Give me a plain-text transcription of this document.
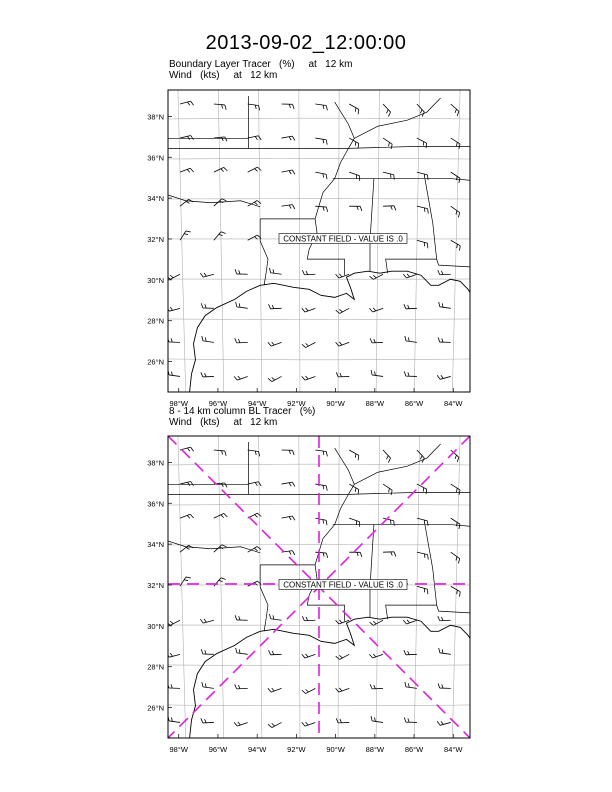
2013-09-02_12:00:00
Boundary Layer Tracer   (%)     at   12 km
Wind   (kts)     at   12 km
CONSTANT FIELD - VALUE IS .0
38°N
36°N
34°N
32°N
30°N
28°N
26°N
98°W	96°W	94°W	92°W	90°W	88°W	86°W	84°W
8 - 14 km column BL Tracer   (%)
Wind   (kts)     at   12 km
CONSTANT FIELD - VALUE IS .0
38°N
36°N
34°N
32°N
30°N
28°N
26°N
98°W	96°W	94°W	92°W	90°W	88°W	86°W	84°W
